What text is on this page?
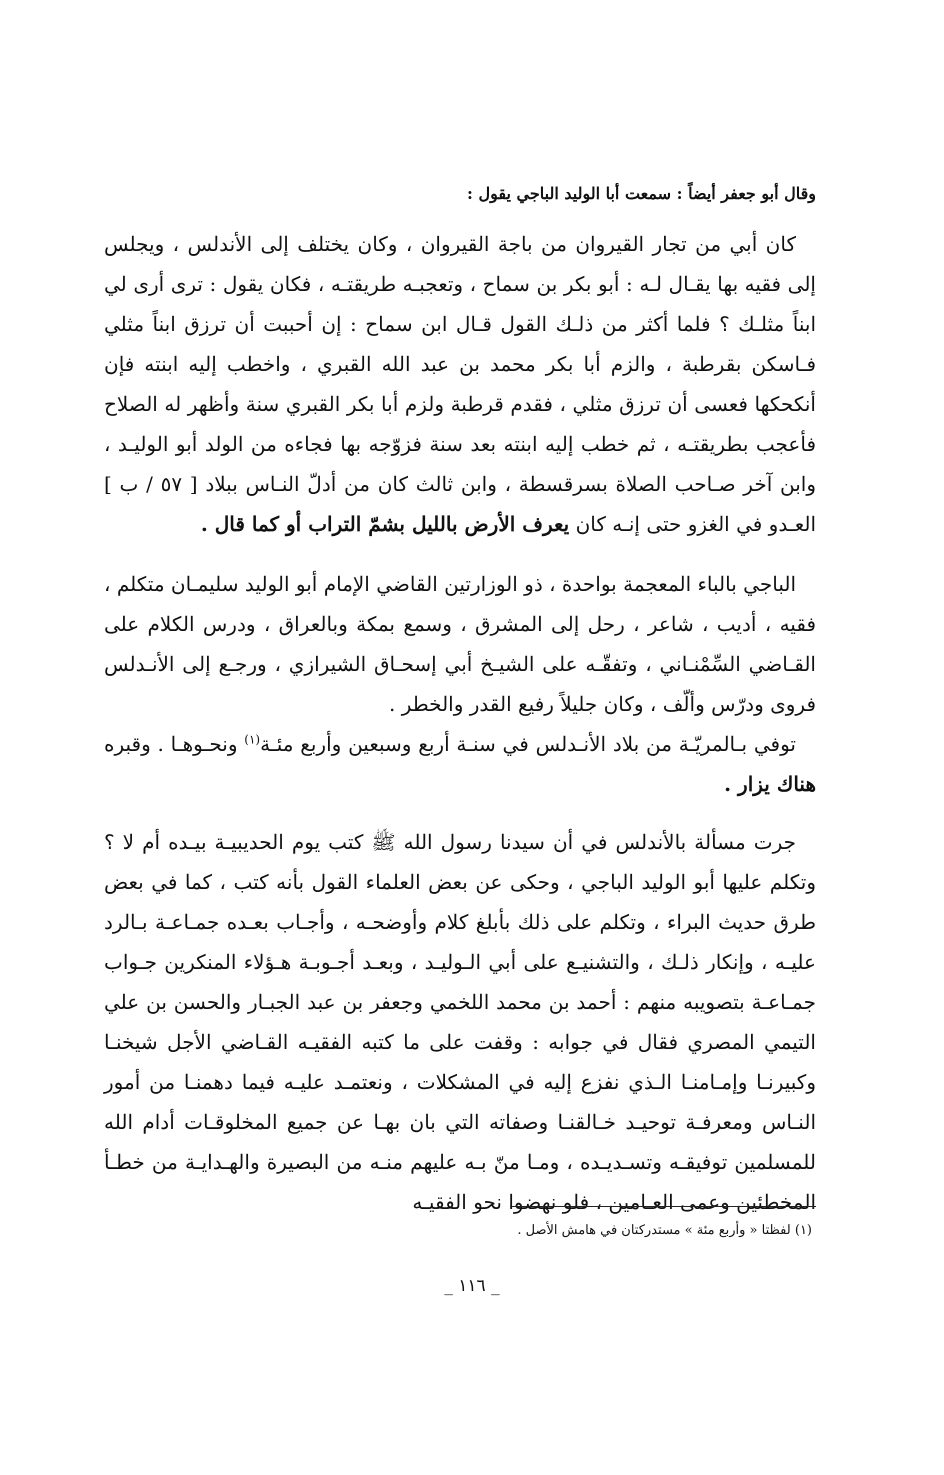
وقال أبو جعفر أيضاً : سمعت أبا الوليد الباجي يقول :

كان أبي من تجار القيروان من باجة القيروان ، وكان يختلف إلى الأندلس ، ويجلس إلى فقيه بها يقـال لـه : أبو بكر بن سماح ، وتعجبـه طريقتـه ، فكان يقول : ترى أرى لي ابناً مثلـك ؟ فلما أكثر من ذلـك القول قـال ابن سماح : إن أحببت أن ترزق ابناً مثلي فـاسكن بقرطبة ، والزم أبا بكر محمد بن عبد الله القبري ، واخطب إليه ابنته فإن أنكحكها فعسى أن ترزق مثلي ، فقدم قرطبة ولزم أبا بكر القبري سنة وأظهر له الصلاح فأعجب بطريقتـه ، ثم خطب إليه ابنته بعد سنة فزوّجه بها فجاءه من الولد أبو الوليـد ، وابن آخر صـاحب الصلاة بسرقسطة ، وابن ثالث كان من أدلّ النـاس ببلاد [ ٥٧ / ب ] العـدو في الغزو حتى إنـه كان يعرف الأرض بالليل بشمّ التراب أو كما قال .

الباجي بالباء المعجمة بواحدة ، ذو الوزارتين القاضي الإمام أبو الوليد سليمـان متكلم ، فقيه ، أديب ، شاعر ، رحل إلى المشرق ، وسمع بمكة وبالعراق ، ودرس الكلام على القـاضي السِّمْنـاني ، وتفقّـه على الشيـخ أبي إسحـاق الشيرازي ، ورجـع إلى الأنـدلس فروى ودرّس وألّف ، وكان جليلاً رفيع القدر والخطر .

توفي بـالمريّـة من بلاد الأنـدلس في سنـة أربع وسبعين وأربع مئـة$^{(١)}$ ونحـوهـا . وقبره هناك يزار .

جرت مسألة بالأندلس في أن سيدنا رسول الله ﷺ كتب يوم الحديبيـة بيـده أم لا ؟ وتكلم عليها أبو الوليد الباجي ، وحكى عن بعض العلماء القول بأنه كتب ، كما في بعض طرق حديث البراء ، وتكلم على ذلك بأبلغ كلام وأوضحـه ، وأجـاب بعـده جمـاعـة بـالرد عليـه ، وإنكار ذلـك ، والتشنيـع على أبي الـوليـد ، وبعـد أجـوبـة هـؤلاء المنكرين جـواب جمـاعـة بتصويبه منهم : أحمد بن محمد اللخمي وجعفر بن عبد الجبـار والحسن بن علي التيمي المصري فقال في جوابه : وقفت على ما كتبه الفقيـه القـاضي الأجل شيخنـا وكبيرنـا وإمـامنـا الـذي نفزع إليه في المشكلات ، ونعتمـد عليـه فيما دهمنـا من أمور النـاس ومعرفـة توحيـد خـالقنـا وصفاته التي بان بهـا عن جميع المخلوقـات أدام الله للمسلمين توفيقـه وتسـديـده ، ومـا منّ بـه عليهم منـه من البصيرة والهـدايـة من خطـأ المخطئين وعمى العـامين ، فلو نهضوا نحو الفقيـه

(١) لفظتا « وأربع مئة » مستدركتان في هامش الأصل .
_ ١١٦ _
